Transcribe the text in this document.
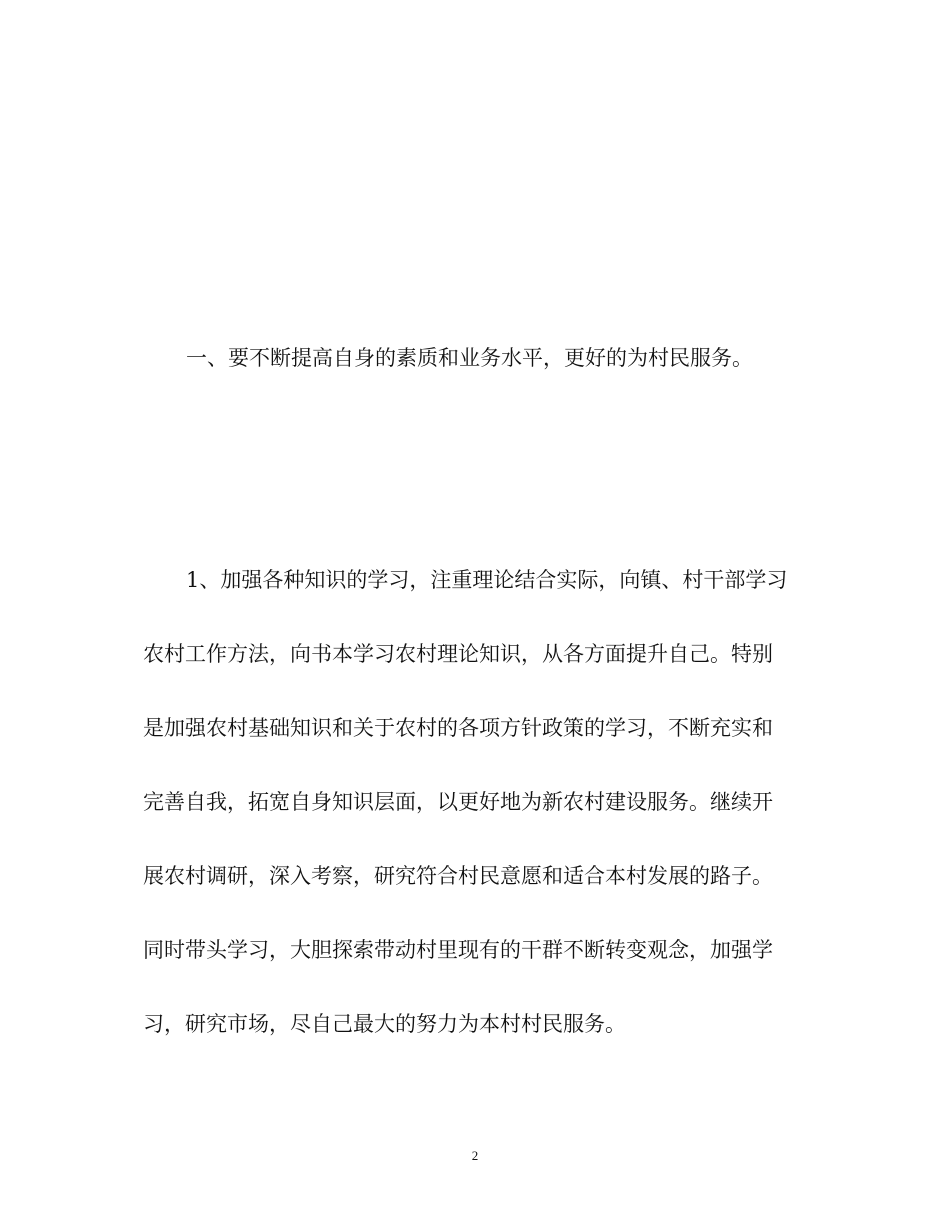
一、要不断提高自身的素质和业务水平，更好的为村民服务。
1、加强各种知识的学习，注重理论结合实际，向镇、村干部学习
农村工作方法，向书本学习农村理论知识，从各方面提升自己。特别
是加强农村基础知识和关于农村的各项方针政策的学习，不断充实和
完善自我，拓宽自身知识层面，以更好地为新农村建设服务。继续开
展农村调研，深入考察，研究符合村民意愿和适合本村发展的路子。
同时带头学习，大胆探索带动村里现有的干群不断转变观念，加强学
习，研究市场，尽自己最大的努力为本村村民服务。
2
